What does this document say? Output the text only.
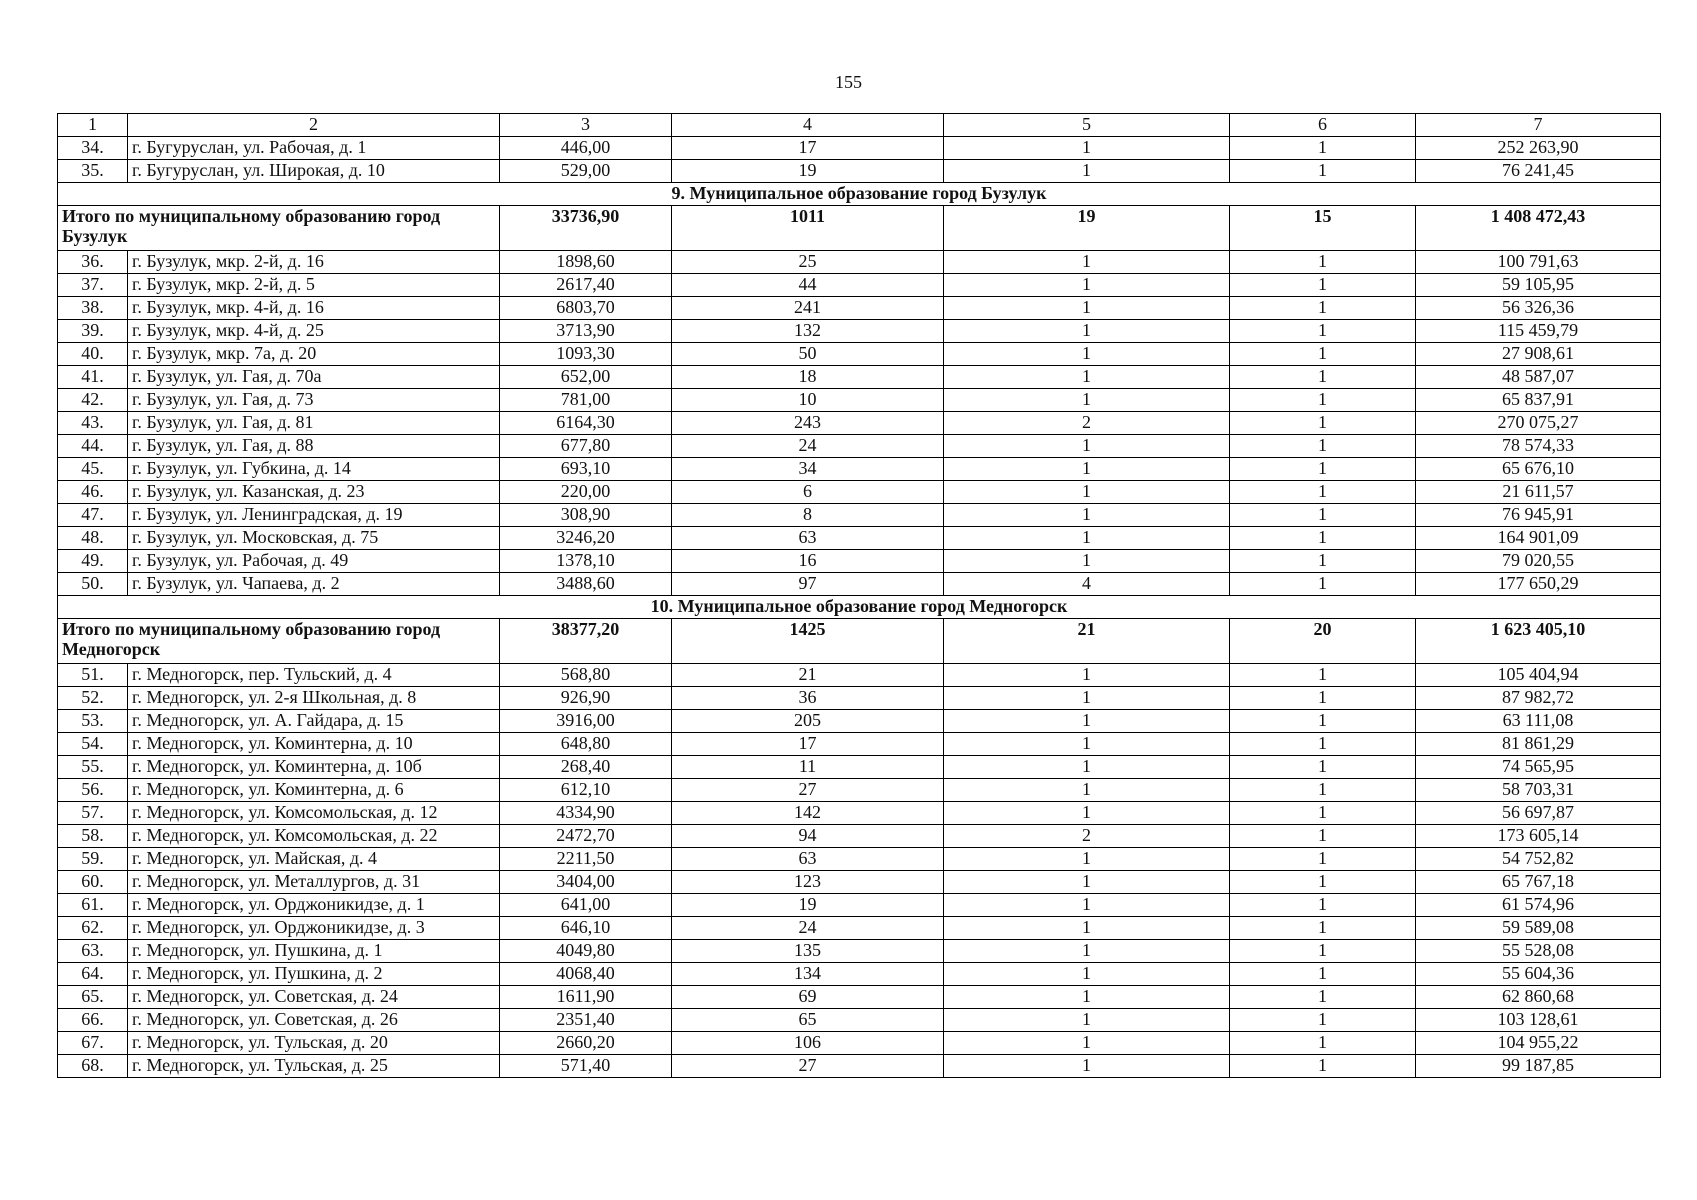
155
1	2	3	4	5	6	7
34.	г. Бугуруслан, ул. Рабочая, д. 1	446,00	17	1	1	252 263,90
35.	г. Бугуруслан, ул. Широкая, д. 10	529,00	19	1	1	76 241,45
9. Муниципальное образование город Бузулук						
Итого по муниципальному образованию город Бузулук		33736,90	1011	19	15	1 408 472,43
36.	г. Бузулук, мкр. 2-й, д. 16	1898,60	25	1	1	100 791,63
37.	г. Бузулук, мкр. 2-й, д. 5	2617,40	44	1	1	59 105,95
38.	г. Бузулук, мкр. 4-й, д. 16	6803,70	241	1	1	56 326,36
39.	г. Бузулук, мкр. 4-й, д. 25	3713,90	132	1	1	115 459,79
40.	г. Бузулук, мкр. 7а, д. 20	1093,30	50	1	1	27 908,61
41.	г. Бузулук, ул. Гая, д. 70а	652,00	18	1	1	48 587,07
42.	г. Бузулук, ул. Гая, д. 73	781,00	10	1	1	65 837,91
43.	г. Бузулук, ул. Гая, д. 81	6164,30	243	2	1	270 075,27
44.	г. Бузулук, ул. Гая, д. 88	677,80	24	1	1	78 574,33
45.	г. Бузулук, ул. Губкина, д. 14	693,10	34	1	1	65 676,10
46.	г. Бузулук, ул. Казанская, д. 23	220,00	6	1	1	21 611,57
47.	г. Бузулук, ул. Ленинградская, д. 19	308,90	8	1	1	76 945,91
48.	г. Бузулук, ул. Московская, д. 75	3246,20	63	1	1	164 901,09
49.	г. Бузулук, ул. Рабочая, д. 49	1378,10	16	1	1	79 020,55
50.	г. Бузулук, ул. Чапаева, д. 2	3488,60	97	4	1	177 650,29
10. Муниципальное образование город Медногорск						
Итого по муниципальному образованию город Медногорск		38377,20	1425	21	20	1 623 405,10
51.	г. Медногорск, пер. Тульский, д. 4	568,80	21	1	1	105 404,94
52.	г. Медногорск, ул. 2-я Школьная, д. 8	926,90	36	1	1	87 982,72
53.	г. Медногорск, ул. А. Гайдара, д. 15	3916,00	205	1	1	63 111,08
54.	г. Медногорск, ул. Коминтерна, д. 10	648,80	17	1	1	81 861,29
55.	г. Медногорск, ул. Коминтерна, д. 10б	268,40	11	1	1	74 565,95
56.	г. Медногорск, ул. Коминтерна, д. 6	612,10	27	1	1	58 703,31
57.	г. Медногорск, ул. Комсомольская, д. 12	4334,90	142	1	1	56 697,87
58.	г. Медногорск, ул. Комсомольская, д. 22	2472,70	94	2	1	173 605,14
59.	г. Медногорск, ул. Майская, д. 4	2211,50	63	1	1	54 752,82
60.	г. Медногорск, ул. Металлургов, д. 31	3404,00	123	1	1	65 767,18
61.	г. Медногорск, ул. Орджоникидзе, д. 1	641,00	19	1	1	61 574,96
62.	г. Медногорск, ул. Орджоникидзе, д. 3	646,10	24	1	1	59 589,08
63.	г. Медногорск, ул. Пушкина, д. 1	4049,80	135	1	1	55 528,08
64.	г. Медногорск, ул. Пушкина, д. 2	4068,40	134	1	1	55 604,36
65.	г. Медногорск, ул. Советская, д. 24	1611,90	69	1	1	62 860,68
66.	г. Медногорск, ул. Советская, д. 26	2351,40	65	1	1	103 128,61
67.	г. Медногорск, ул. Тульская, д. 20	2660,20	106	1	1	104 955,22
68.	г. Медногорск, ул. Тульская, д. 25	571,40	27	1	1	99 187,85
